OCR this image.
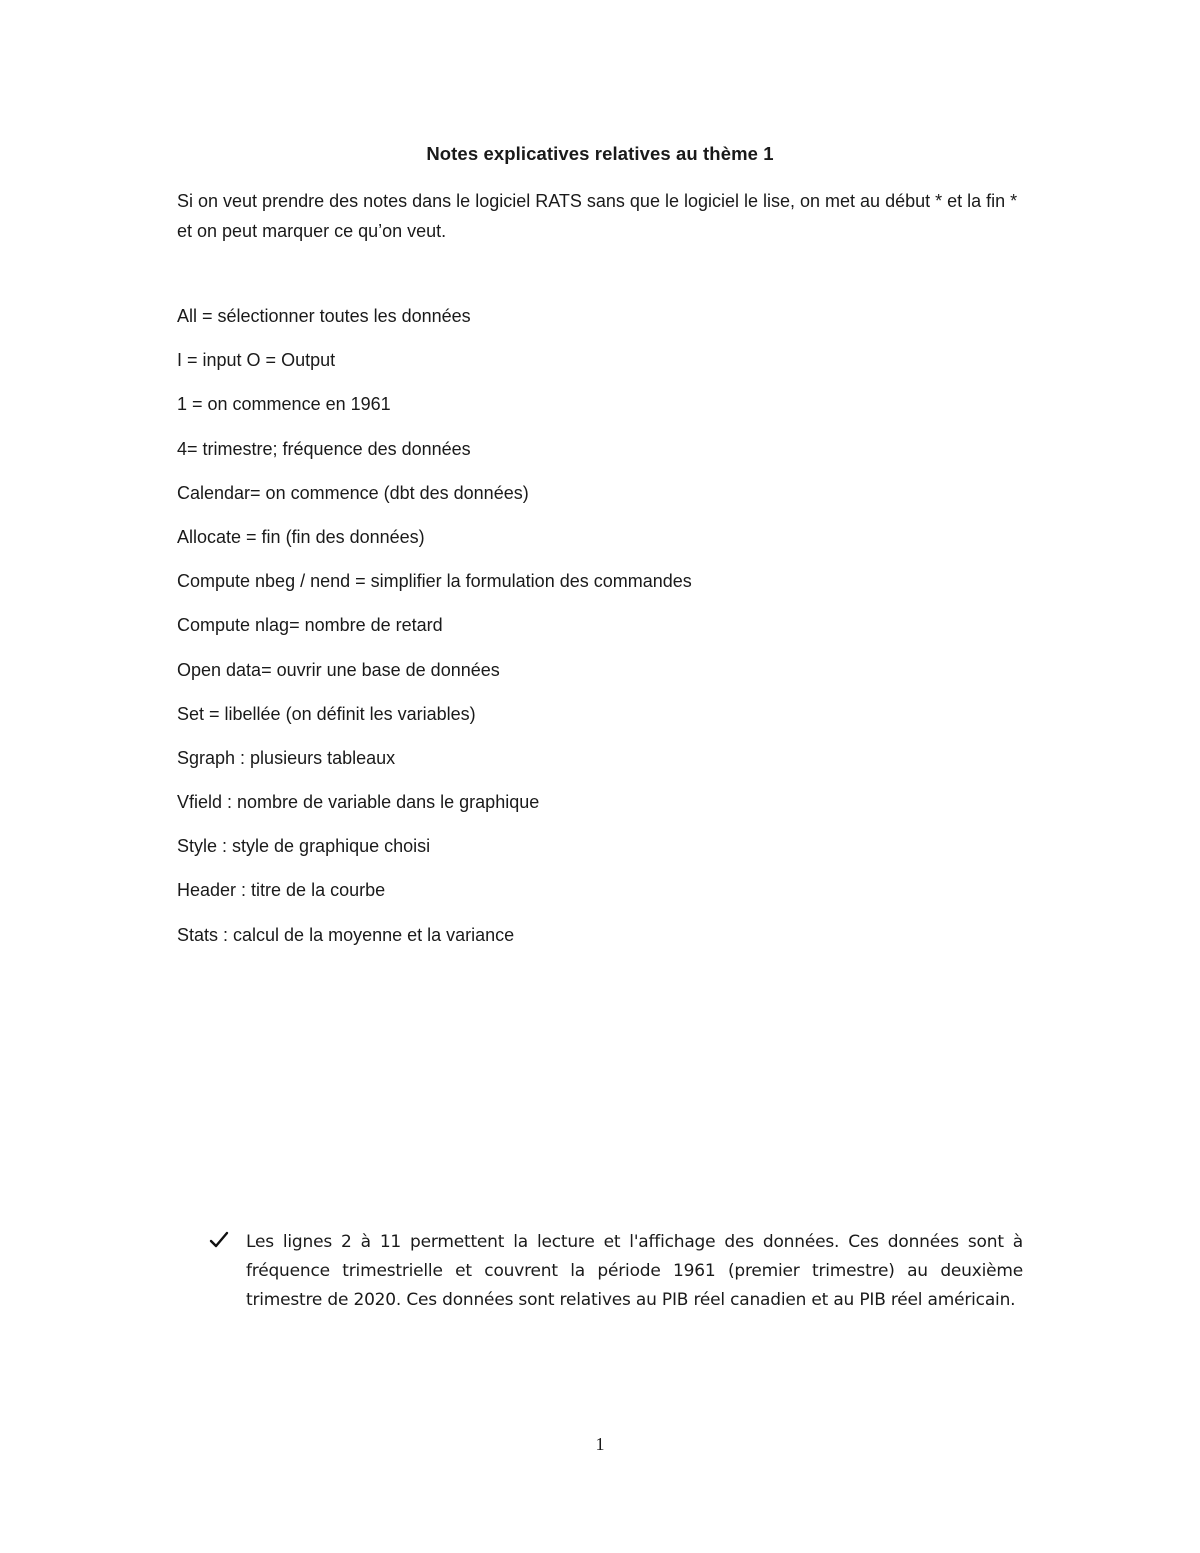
Notes explicatives relatives au thème 1
Si on veut prendre des notes dans le logiciel RATS sans que le logiciel le lise, on met au début * et la fin * et on peut marquer ce qu’on veut.
All = sélectionner toutes les données
I = input O = Output
1 = on commence en 1961
4= trimestre; fréquence des données
Calendar= on commence (dbt des données)
Allocate = fin (fin des données)
Compute nbeg / nend = simplifier la formulation des commandes
Compute nlag= nombre de retard
Open data= ouvrir une base de données
Set = libellée (on définit les variables)
Sgraph : plusieurs tableaux
Vfield : nombre de variable dans le graphique
Style : style de graphique choisi
Header : titre de la courbe
Stats : calcul de la moyenne et la variance
Les lignes 2 à 11 permettent la lecture et l'affichage des données. Ces données sont à fréquence trimestrielle et couvrent la période 1961 (premier trimestre) au deuxième trimestre de 2020. Ces données sont relatives au PIB réel canadien et au PIB réel américain.
1
